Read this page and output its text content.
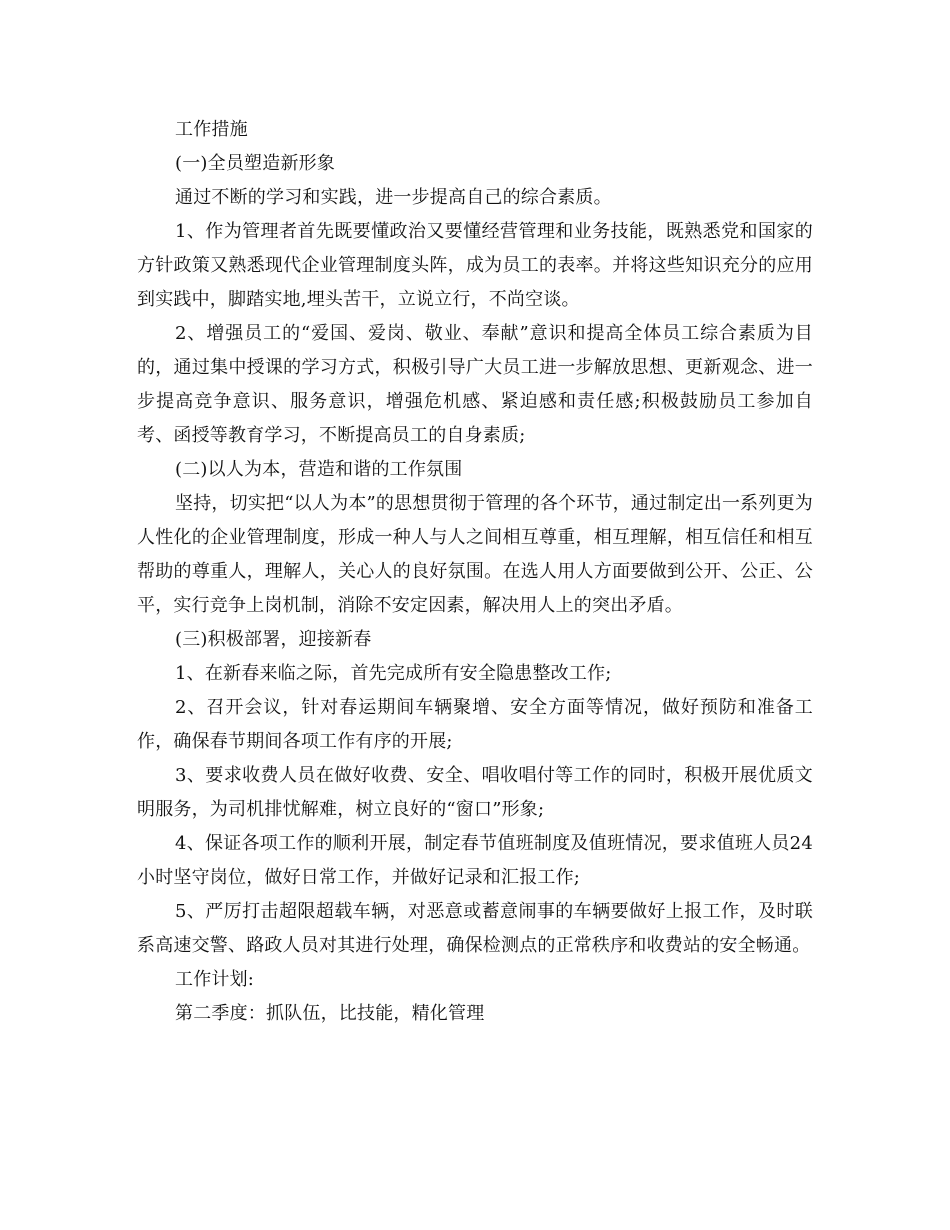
工作措施

(一)全员塑造新形象

通过不断的学习和实践，进一步提高自己的综合素质。

1、作为管理者首先既要懂政治又要懂经营管理和业务技能，既熟悉党和国家的方针政策又熟悉现代企业管理制度头阵，成为员工的表率。并将这些知识充分的应用到实践中，脚踏实地,埋头苦干，立说立行，不尚空谈。

2、增强员工的“爱国、爱岗、敬业、奉献”意识和提高全体员工综合素质为目的，通过集中授课的学习方式，积极引导广大员工进一步解放思想、更新观念、进一步提高竞争意识、服务意识，增强危机感、紧迫感和责任感;积极鼓励员工参加自考、函授等教育学习，不断提高员工的自身素质;

(二)以人为本，营造和谐的工作氛围

坚持，切实把“以人为本”的思想贯彻于管理的各个环节，通过制定出一系列更为人性化的企业管理制度，形成一种人与人之间相互尊重，相互理解，相互信任和相互帮助的尊重人，理解人，关心人的良好氛围。在选人用人方面要做到公开、公正、公平，实行竞争上岗机制，消除不安定因素，解决用人上的突出矛盾。

(三)积极部署，迎接新春

1、在新春来临之际，首先完成所有安全隐患整改工作;

2、召开会议，针对春运期间车辆聚增、安全方面等情况，做好预防和准备工作，确保春节期间各项工作有序的开展;

3、要求收费人员在做好收费、安全、唱收唱付等工作的同时，积极开展优质文明服务，为司机排忧解难，树立良好的“窗口”形象;

4、保证各项工作的顺利开展，制定春节值班制度及值班情况，要求值班人员24小时坚守岗位，做好日常工作，并做好记录和汇报工作;

5、严厉打击超限超载车辆，对恶意或蓄意闹事的车辆要做好上报工作，及时联系高速交警、路政人员对其进行处理，确保检测点的正常秩序和收费站的安全畅通。

工作计划:

第二季度：抓队伍，比技能，精化管理
